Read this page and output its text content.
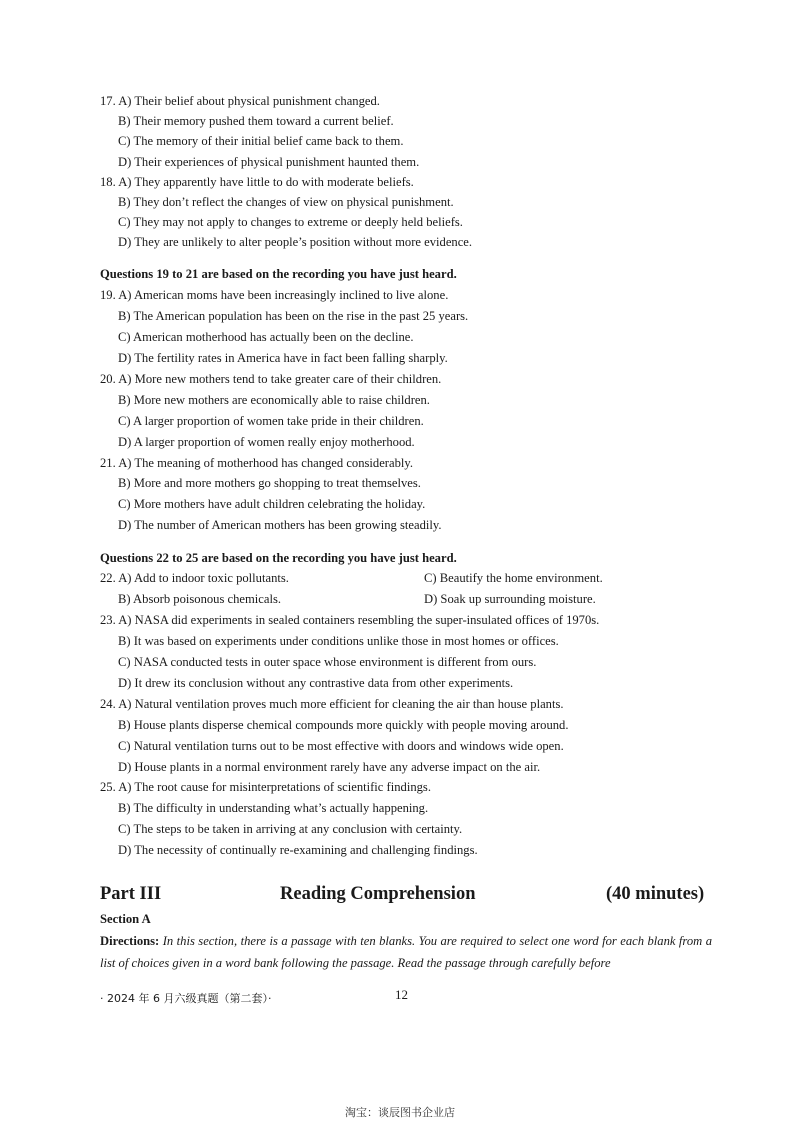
17. A) Their belief about physical punishment changed.
B) Their memory pushed them toward a current belief.
C) The memory of their initial belief came back to them.
D) Their experiences of physical punishment haunted them.
18. A) They apparently have little to do with moderate beliefs.
B) They don’t reflect the changes of view on physical punishment.
C) They may not apply to changes to extreme or deeply held beliefs.
D) They are unlikely to alter people’s position without more evidence.
Questions 19 to 21 are based on the recording you have just heard.
19. A) American moms have been increasingly inclined to live alone.
B) The American population has been on the rise in the past 25 years.
C) American motherhood has actually been on the decline.
D) The fertility rates in America have in fact been falling sharply.
20. A) More new mothers tend to take greater care of their children.
B) More new mothers are economically able to raise children.
C) A larger proportion of women take pride in their children.
D) A larger proportion of women really enjoy motherhood.
21. A) The meaning of motherhood has changed considerably.
B) More and more mothers go shopping to treat themselves.
C) More mothers have adult children celebrating the holiday.
D) The number of American mothers has been growing steadily.
Questions 22 to 25 are based on the recording you have just heard.
22. A) Add to indoor toxic pollutants.	C) Beautify the home environment.
B) Absorb poisonous chemicals.	D) Soak up surrounding moisture.
23. A) NASA did experiments in sealed containers resembling the super-insulated offices of 1970s.
B) It was based on experiments under conditions unlike those in most homes or offices.
C) NASA conducted tests in outer space whose environment is different from ours.
D) It drew its conclusion without any contrastive data from other experiments.
24. A) Natural ventilation proves much more efficient for cleaning the air than house plants.
B) House plants disperse chemical compounds more quickly with people moving around.
C) Natural ventilation turns out to be most effective with doors and windows wide open.
D) House plants in a normal environment rarely have any adverse impact on the air.
25. A) The root cause for misinterpretations of scientific findings.
B) The difficulty in understanding what’s actually happening.
C) The steps to be taken in arriving at any conclusion with certainty.
D) The necessity of continually re-examining and challenging findings.
Part III	Reading Comprehension	(40 minutes)
Section A
Directions: In this section, there is a passage with ten blanks. You are required to select one word for each blank from a list of choices given in a word bank following the passage. Read the passage through carefully before
· 2024 年 6 月六级真题（第二套）·	12
淘宝：谈辰图书企业店
